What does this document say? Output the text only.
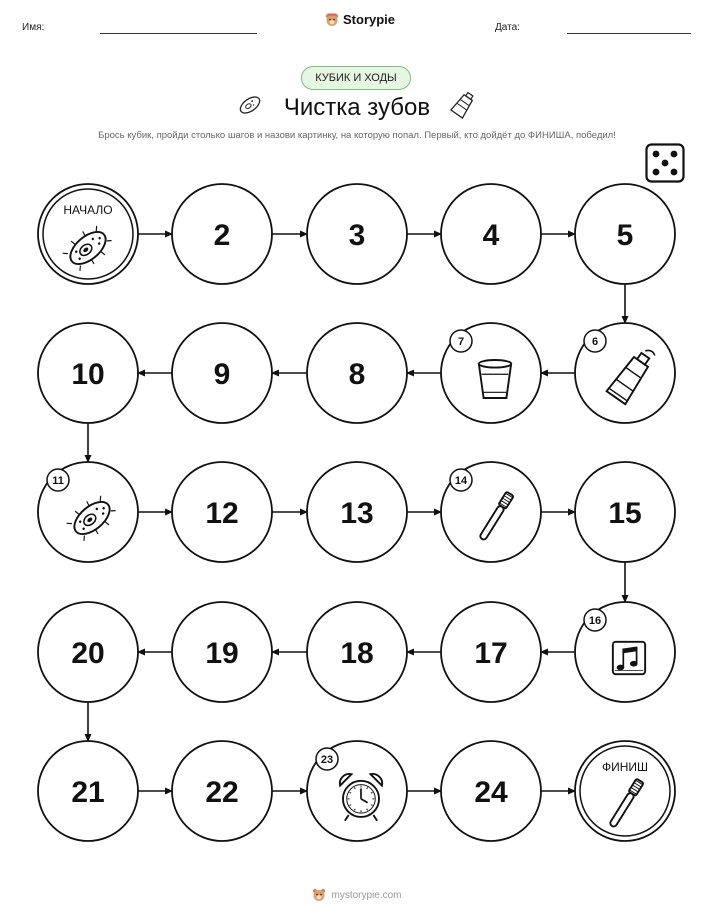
Имя:
Storypie
Дата:
КУБИК И ХОДЫ
Чистка зубов
Брось кубик, пройди столько шагов и назови картинку, на которую попал. Первый, кто дойдёт до ФИНИША, победил!
НАЧАЛО
2	3	4	5
6
7
8
9
10
11
12	13
14
15
16
17
18
19
20
21	22
23
24
ФИНИШ
mystorypie.com
